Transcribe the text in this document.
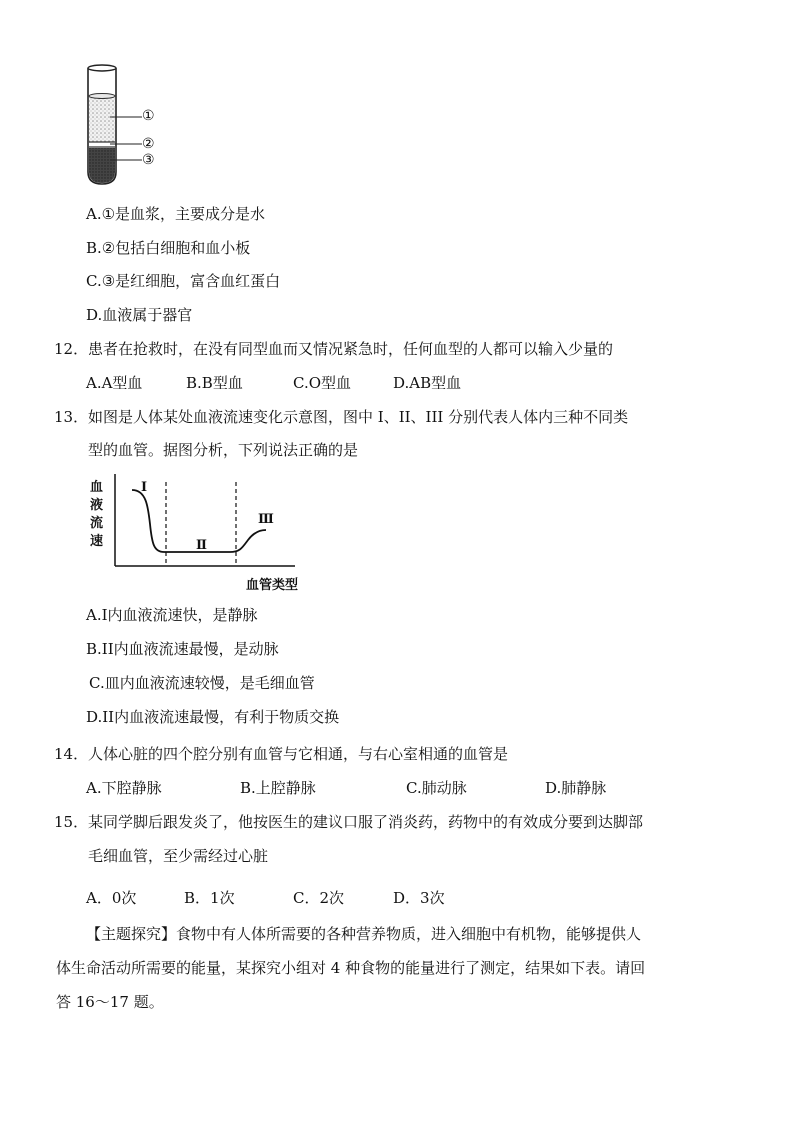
①
②
③
A.①是血浆，主要成分是水
B.②包括白细胞和血小板
C.③是红细胞，富含血红蛋白
D.血液属于器官
12． 患者在抢救时，在没有同型血而又情况紧急时，任何血型的人都可以输入少量的
A.A型血	B.B型血	C.O型血	D.AB型血
13． 如图是人体某处血液流速变化示意图，图中 I、II、III 分别代表人体内三种不同类
型的血管。据图分析，下列说法正确的是
血
液
流
速
I
Ⅱ
Ⅲ
血管类型
A.I内血液流速快，是静脉
B.II内血液流速最慢，是动脉
C.皿内血液流速较慢，是毛细血管
D.II内血液流速最慢，有利于物质交换
14． 人体心脏的四个腔分别有血管与它相通，与右心室相通的血管是
A.下腔静脉	B.上腔静脉	C.肺动脉	D.肺静脉
15． 某同学脚后跟发炎了，他按医生的建议口服了消炎药，药物中的有效成分要到达脚部
毛细血管，至少需经过心脏
A．0次	B．1次	C．2次	D．3次
【主题探究】食物中有人体所需要的各种营养物质，进入细胞中有机物，能够提供人
体生命活动所需要的能量，某探究小组对 4 种食物的能量进行了测定，结果如下表。请回
答 16～17 题。
